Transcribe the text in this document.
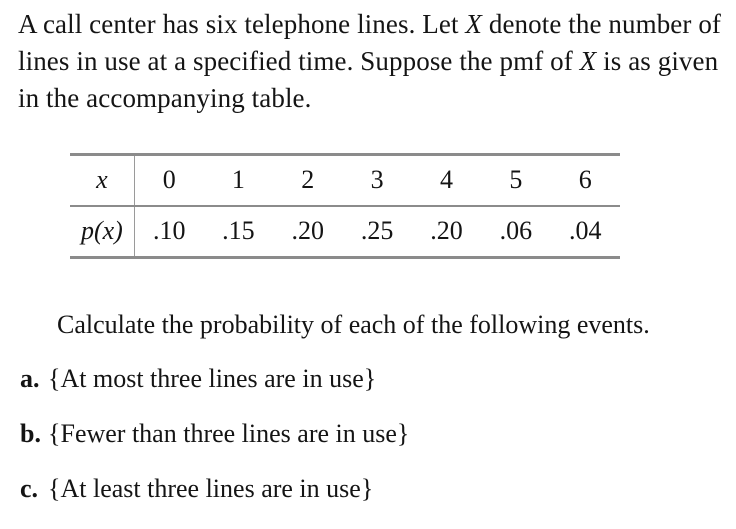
A call center has six telephone lines. Let X denote the number of lines in use at a specified time. Suppose the pmf of X is as given in the accompanying table.

x	0	1	2	3	4	5	6
p(x)	.10	.15	.20	.25	.20	.06	.04

Calculate the probability of each of the following events.

a. {At most three lines are in use}
b. {Fewer than three lines are in use}
c. {At least three lines are in use}
